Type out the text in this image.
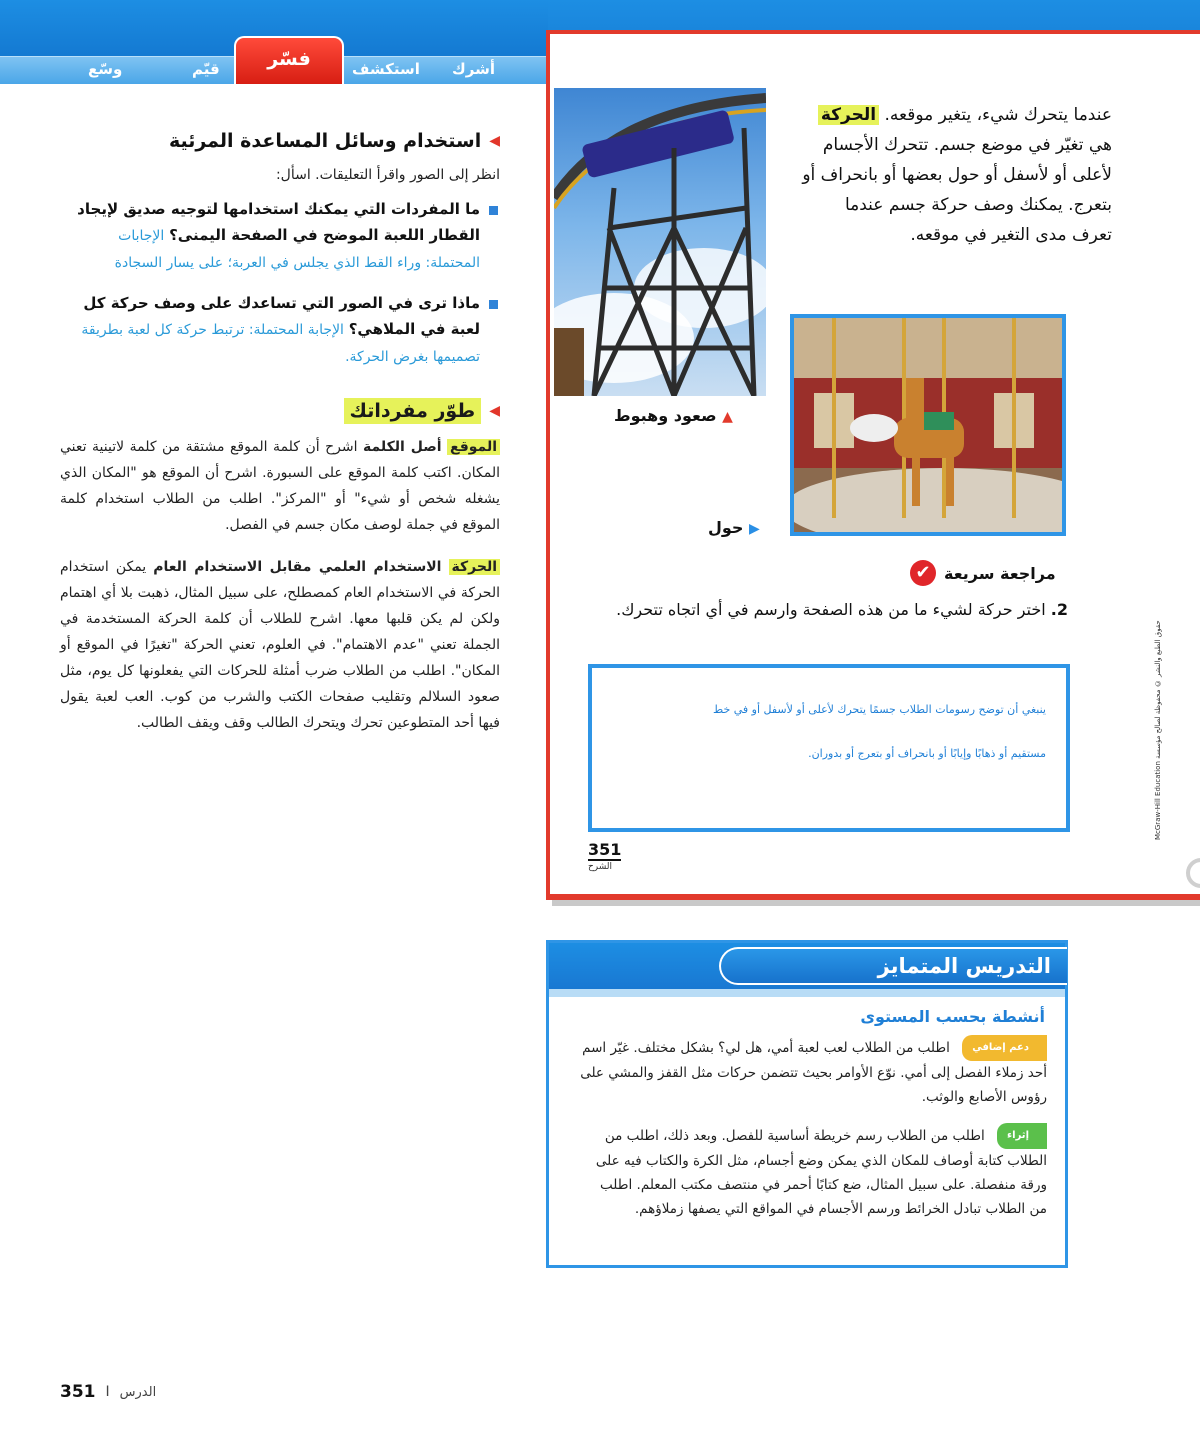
أشرك
استكشف
فسّر
قيّم
وسّع
◀
استخدام وسائل المساعدة المرئية
انظر إلى الصور واقرأ التعليقات. اسأل:
ما المفردات التي يمكنك استخدامها لتوجيه صديق لإيجاد القطار اللعبة الموضح في الصفحة اليمنى؟ الإجابات المحتملة: وراء القط الذي يجلس في العربة؛ على يسار السجادة
ماذا ترى في الصور التي تساعدك على وصف حركة كل لعبة في الملاهي؟ الإجابة المحتملة: ترتبط حركة كل لعبة بطريقة تصميمها بغرض الحركة.
◀
طوّر مفرداتك
الموقع أصل الكلمة اشرح أن كلمة الموقع مشتقة من كلمة لاتينية تعني المكان. اكتب كلمة الموقع على السبورة. اشرح أن الموقع هو "المكان الذي يشغله شخص أو شيء" أو "المركز". اطلب من الطلاب استخدام كلمة الموقع في جملة لوصف مكان جسم في الفصل.
الحركة الاستخدام العلمي مقابل الاستخدام العام يمكن استخدام الحركة في الاستخدام العام كمصطلح، على سبيل المثال، ذهبت بلا أي اهتمام ولكن لم يكن قلبها معها. اشرح للطلاب أن كلمة الحركة المستخدمة في الجملة تعني "عدم الاهتمام". في العلوم، تعني الحركة "تغيرًا في الموقع أو المكان". اطلب من الطلاب ضرب أمثلة للحركات التي يفعلونها كل يوم، مثل صعود السلالم وتقليب صفحات الكتب والشرب من كوب. العب لعبة يقول فيها أحد المتطوعين تحرك ويتحرك الطالب وقف ويقف الطالب.
عندما يتحرك شيء، يتغير موقعه. الحركة هي تغيّر في موضع جسم. تتحرك الأجسام لأعلى أو لأسفل أو حول بعضها أو بانحراف أو بتعرج. يمكنك وصف حركة جسم عندما تعرف مدى التغير في موقعه.
▲ صعود وهبوط
▶ حول
مراجعة سريعة
✔
2. اختر حركة لشيء ما من هذه الصفحة وارسم في أي اتجاه تتحرك.
ينبغي أن توضح رسومات الطلاب جسمًا يتحرك لأعلى أو لأسفل أو في خط
مستقيم أو ذهابًا وإيابًا أو بانحراف أو بتعرج أو بدوران.
351
الشرح
McGraw-Hill Education حقوق الطبع والنشر © محفوظة لصالح مؤسسة
التدريس المتمايز
أنشطة بحسب المستوى

دعم إضافي اطلب من الطلاب لعب لعبة أمي، هل لي؟ بشكل مختلف. غيّر اسم أحد زملاء الفصل إلى أمي. نوّع الأوامر بحيث تتضمن حركات مثل القفز والمشي على رؤوس الأصابع والوثب.

إثراء اطلب من الطلاب رسم خريطة أساسية للفصل. وبعد ذلك، اطلب من الطلاب كتابة أوصاف للمكان الذي يمكن وضع أجسام، مثل الكرة والكتاب فيه على ورقة منفصلة. على سبيل المثال، ضع كتابًا أحمر في منتصف مكتب المعلم. اطلب من الطلاب تبادل الخرائط ورسم الأجسام في المواقع التي يصفها زملاؤهم.

351 I الدرس
